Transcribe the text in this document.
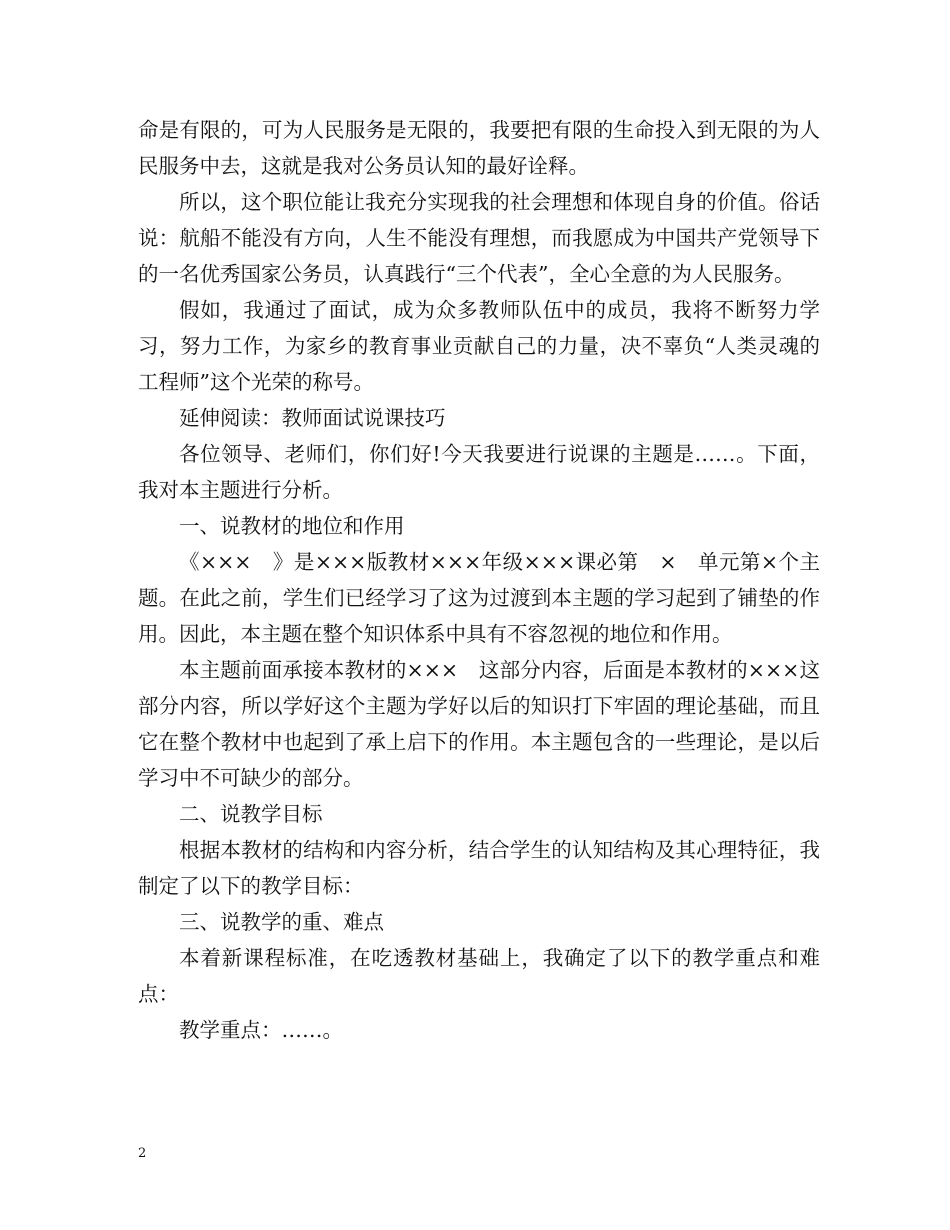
命是有限的，可为人民服务是无限的，我要把有限的生命投入到无限的为人民服务中去，这就是我对公务员认知的最好诠释。

所以，这个职位能让我充分实现我的社会理想和体现自身的价值。俗话说：航船不能没有方向，人生不能没有理想，而我愿成为中国共产党领导下的一名优秀国家公务员，认真践行“三个代表”，全心全意的为人民服务。

假如，我通过了面试，成为众多教师队伍中的成员，我将不断努力学习，努力工作，为家乡的教育事业贡献自己的力量，决不辜负“人类灵魂的工程师”这个光荣的称号。

延伸阅读：教师面试说课技巧

各位领导、老师们，你们好!今天我要进行说课的主题是……。下面，我对本主题进行分析。

一、说教材的地位和作用

《×××　》是×××版教材×××年级×××课必第　×　单元第×个主题。在此之前，学生们已经学习了这为过渡到本主题的学习起到了铺垫的作用。因此，本主题在整个知识体系中具有不容忽视的地位和作用。

本主题前面承接本教材的×××　这部分内容，后面是本教材的×××这部分内容，所以学好这个主题为学好以后的知识打下牢固的理论基础，而且它在整个教材中也起到了承上启下的作用。本主题包含的一些理论，是以后学习中不可缺少的部分。

二、说教学目标

根据本教材的结构和内容分析，结合学生的认知结构及其心理特征，我制定了以下的教学目标：

三、说教学的重、难点

本着新课程标准，在吃透教材基础上，我确定了以下的教学重点和难点：

教学重点：……。

2
